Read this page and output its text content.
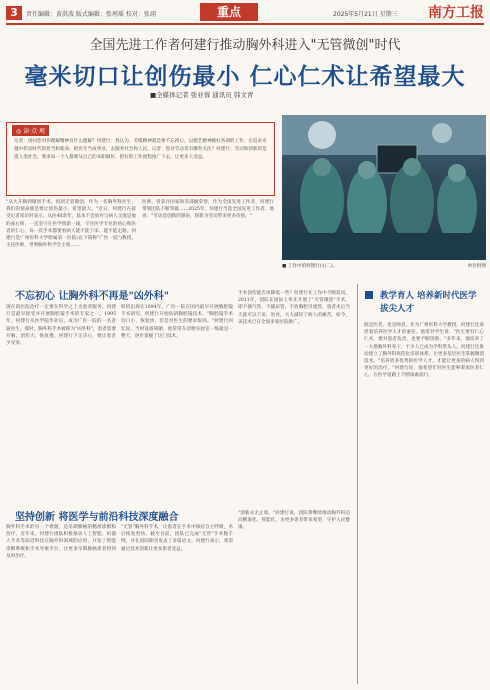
3	责任编辑：黄洪波 版式编辑：张珂瑶 校对：张翊	重点	2025年5月21日 星期三 南方工报
全国先进工作者何建行推动胸外科进入"无管微创"时代
毫米切口让创伤最小 仁心仁术让希望最大
■全媒体记者 张亚蓉 通讯员 韩文青
◎ 读·点·观
记者：请问您对你理解精神有什么理解？何建行：我认为，劳模精神就是要不忘初心，以德艺精神做好各项的工作，在追求卓越中彰显时代的担当和使命。把医生当成事业，去服务社会和人民。记者：您对劳动者有哪些关注？何建行：劳动和创新的是提人类社会，要求每一个人都要从自己的本职做好，把好的工作流程推广下去，让更多人受益。
■ 工作中的何建行(右二)。	单位供图
"从大开胸到微创手术，再到无管微创，作为一名胸外科医生，我们的使命就是要让创伤最小、希望最大。"近日，何建行在接受记者采访时表示。从医40余年，基本不会放弃与病人交流是他的座右铭，一直坚守在医学创新一线，守住医学专业的初心和医者的仁心，每一次手术都要看病人能不能下床、能不能走路。何建行是广州医科大学附属第一医院(以下简称"广医一院")教授、主任医师，世界胸外科学会主席……
医师，曾获评国家和省部级荣誉，作为全国先进工作者，何建行带领团队不断突破……2025年，何建行当选全国先进工作者。他说："劳动是创新的源泉，创新为劳动带来更多价值。"
不忘初心 让胸外科不再是"凶外科"
现在的医院治疗一定要在科学之上为患者服务。何建行是最早接受并开展胸腔镜手术的专家之一。1995年，何建行从医学院毕业后，成为广医一院的一名普通医生。那时，胸外科手术被称为"凶外科"，患者需要开胸，创伤大、恢复慢。何建行下定决心，要让患者少受罪。
转机出现在1994年，广医一院在国内最早开展胸腔镜手术研究，何建行开始钻研胸腔镜技术。"胸腔镜手术切口小、恢复快，但是对医生的要求很高。"何建行回忆说，当时设备简陋，他常常在动物实验室一练就是一整天，逐步掌握了这门技术。
手术创伤能否再降低一些？何建行在工作中不断追问。2011年，团队在国际上率先开展了"无管微创"手术，即不插气管、不插尿管、不放胸腔引流管，患者术后当天就可以下床、进食，大大减轻了病人的痛苦。如今，该技术已在全国多家医院推广。
坚持创新 将医学与前沿科技深度融合
胸外科手术的另一个难题，是早期肺癌的精准诊断和治疗。近年来，何建行团队积极推动人工智能、机器人手术等前沿科技在胸外科领域的应用，开发了智能诊断系统和手术导航平台，让更多早期肺癌患者得到及时治疗。
"无管"胸外科手术，让患者在手术中保持自主呼吸，术后恢复更快。截至目前，团队已完成"无管"手术数千例，并在国际期刊发表了多篇论文。何建行表示，希望通过技术创新让更多患者受益。
"创新永无止境。"何建行说，团队将继续推动胸外科迈向精准化、智能化，为更多患者带来希望，守护人民健康。
教学育人 培养新时代医学拔尖人才
既是医者，也是师者。作为广州医科大学教授，何建行还承担着培养医学人才的重任。他常对学生说："医生要有仁心仁术，要对患者负责，也要不断创新。"多年来，他培养了一大批胸外科骨干，不少人已成为学科带头人。何建行还推动建立了胸外科规范化培训体系，让更多基层医生掌握微创技术。"培养更多优秀的医学人才，才能让更多的病人得到更好的治疗。"何建行说，他希望年轻医生能够秉承医者仁心，在医学道路上不断探索前行。
